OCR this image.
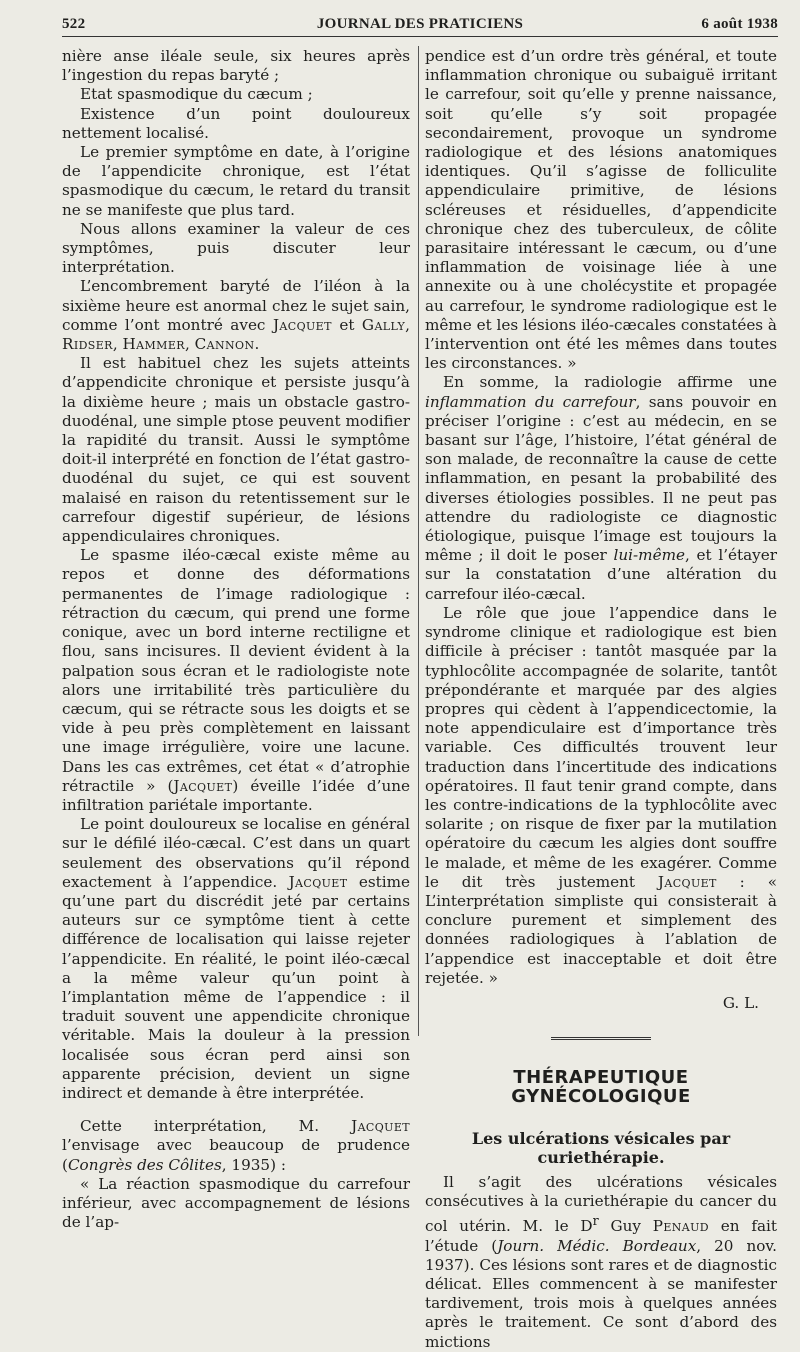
522	JOURNAL DES PRATICIENS	6 août 1938

nière anse iléale seule, six heures après l’ingestion du repas baryté ;

Etat spasmodique du cæcum ;

Existence d’un point douloureux nettement localisé.

Le premier symptôme en date, à l’origine de l’appendicite chronique, est l’état spasmodique du cæcum, le retard du transit ne se manifeste que plus tard.

Nous allons examiner la valeur de ces symptômes, puis discuter leur interprétation.

L’encombrement baryté de l’iléon à la sixième heure est anormal chez le sujet sain, comme l’ont montré avec Jacquet et Gally, Ridser, Hammer, Cannon.

Il est habituel chez les sujets atteints d’appendicite chronique et persiste jusqu’à la dixième heure ; mais un obstacle gastro-duodénal, une simple ptose peuvent modifier la rapidité du transit. Aussi le symptôme doit-il interprété en fonction de l’état gastro-duodénal du sujet, ce qui est souvent malaisé en raison du retentissement sur le carrefour digestif supérieur, de lésions appendiculaires chroniques.

Le spasme iléo-cæcal existe même au repos et donne des déformations permanentes de l’image radiologique : rétraction du cæcum, qui prend une forme conique, avec un bord interne rectiligne et flou, sans incisures. Il devient évident à la palpation sous écran et le radiologiste note alors une irritabilité très particulière du cæcum, qui se rétracte sous les doigts et se vide à peu près complètement en laissant une image irrégulière, voire une lacune. Dans les cas extrêmes, cet état « d’atrophie rétractile » (Jacquet) éveille l’idée d’une infiltration pariétale importante.

Le point douloureux se localise en général sur le défilé iléo-cæcal. C’est dans un quart seulement des observations qu’il répond exactement à l’appendice. Jacquet estime qu’une part du discrédit jeté par certains auteurs sur ce symptôme tient à cette différence de localisation qui laisse rejeter l’appendicite. En réalité, le point iléo-cæcal a la même valeur qu’un point à l’implantation même de l’appendice : il traduit souvent une appendicite chronique véritable. Mais la douleur à la pression localisée sous écran perd ainsi son apparente précision, devient un signe indirect et demande à être interprétée.

Cette interprétation, M. Jacquet l’envisage avec beaucoup de prudence (Congrès des Côlites, 1935) :

« La réaction spasmodique du carrefour inférieur, avec accompagnement de lésions de l’ap-

pendice est d’un ordre très général, et toute inflammation chronique ou subaiguë irritant le carrefour, soit qu’elle y prenne naissance, soit qu’elle s’y soit propagée secondairement, provoque un syndrome radiologique et des lésions anatomiques identiques. Qu’il s’agisse de folliculite appendiculaire primitive, de lésions scléreuses et résiduelles, d’appendicite chronique chez des tuberculeux, de côlite parasitaire intéressant le cæcum, ou d’une inflammation de voisinage liée à une annexite ou à une cholécystite et propagée au carrefour, le syndrome radiologique est le même et les lésions iléo-cæcales constatées à l’intervention ont été les mêmes dans toutes les circonstances. »

En somme, la radiologie affirme une inflammation du carrefour, sans pouvoir en préciser l’origine : c’est au médecin, en se basant sur l’âge, l’histoire, l’état général de son malade, de reconnaître la cause de cette inflammation, en pesant la probabilité des diverses étiologies possibles. Il ne peut pas attendre du radiologiste ce diagnostic étiologique, puisque l’image est toujours la même ; il doit le poser lui-même, et l’étayer sur la constatation d’une altération du carrefour iléo-cæcal.

Le rôle que joue l’appendice dans le syndrome clinique et radiologique est bien difficile à préciser : tantôt masquée par la typhlocôlite accompagnée de solarite, tantôt prépondérante et marquée par des algies propres qui cèdent à l’appendicectomie, la note appendiculaire est d’importance très variable. Ces difficultés trouvent leur traduction dans l’incertitude des indications opératoires. Il faut tenir grand compte, dans les contre-indications de la typhlocôlite avec solarite ; on risque de fixer par la mutilation opératoire du cæcum les algies dont souffre le malade, et même de les exagérer. Comme le dit très justement Jacquet : « L’interprétation simpliste qui consisterait à conclure purement et simplement des données radiologiques à l’ablation de l’appendice est inacceptable et doit être rejetée. »

G. L.
THÉRAPEUTIQUE GYNÉCOLOGIQUE
Les ulcérations vésicales par curiethérapie.

Il s’agit des ulcérations vésicales consécutives à la curiethérapie du cancer du col utérin. M. le $D^r$ Guy Penaud en fait l’étude (Journ. Médic. Bordeaux, 20 nov. 1937). Ces lésions sont rares et de diagnostic délicat. Elles commencent à se manifester tardivement, trois mois à quelques années après le traitement. Ce sont d’abord des mictions
